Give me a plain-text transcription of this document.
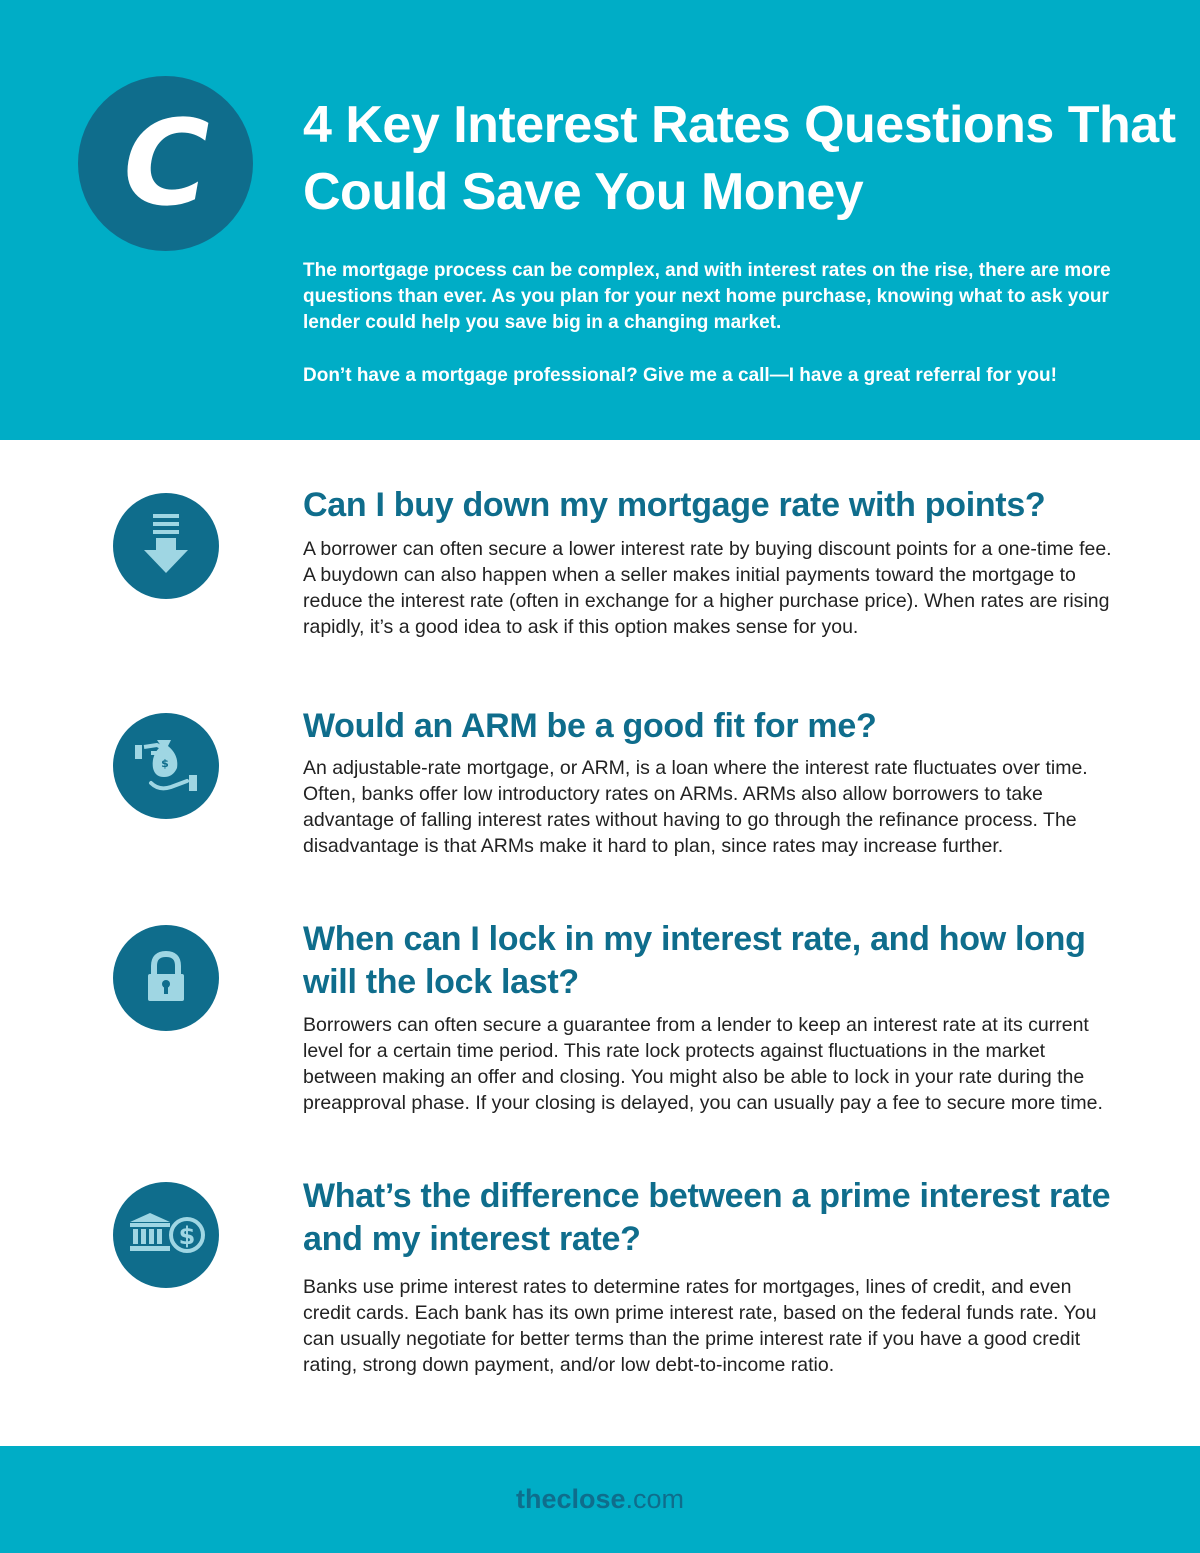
C	4 Key Interest Rates Questions That Could Save You Money

The mortgage process can be complex, and with interest rates on the rise, there are more questions than ever. As you plan for your next home purchase, knowing what to ask your lender could help you save big in a changing market.

Don’t have a mortgage professional? Give me a call—I have a great referral for you!

Can I buy down my mortgage rate with points?

A borrower can often secure a lower interest rate by buying discount points for a one-time fee. A buydown can also happen when a seller makes initial payments toward the mortgage to reduce the interest rate (often in exchange for a higher purchase price). When rates are rising rapidly, it’s a good idea to ask if this option makes sense for you.

$
Would an ARM be a good fit for me?

An adjustable-rate mortgage, or ARM, is a loan where the interest rate fluctuates over time. Often, banks offer low introductory rates on ARMs. ARMs also allow borrowers to take advantage of falling interest rates without having to go through the refinance process. The disadvantage is that ARMs make it hard to plan, since rates may increase further.

When can I lock in my interest rate, and how long will the lock last?

Borrowers can often secure a guarantee from a lender to keep an interest rate at its current level for a certain time period. This rate lock protects against fluctuations in the market between making an offer and closing. You might also be able to lock in your rate during the preapproval phase. If your closing is delayed, you can usually pay a fee to secure more time.

$
What’s the difference between a prime interest rate and my interest rate?

Banks use prime interest rates to determine rates for mortgages, lines of credit, and even credit cards. Each bank has its own prime interest rate, based on the federal funds rate. You can usually negotiate for better terms than the prime interest rate if you have a good credit rating, strong down payment, and/or low debt-to-income ratio.

theclose.com
